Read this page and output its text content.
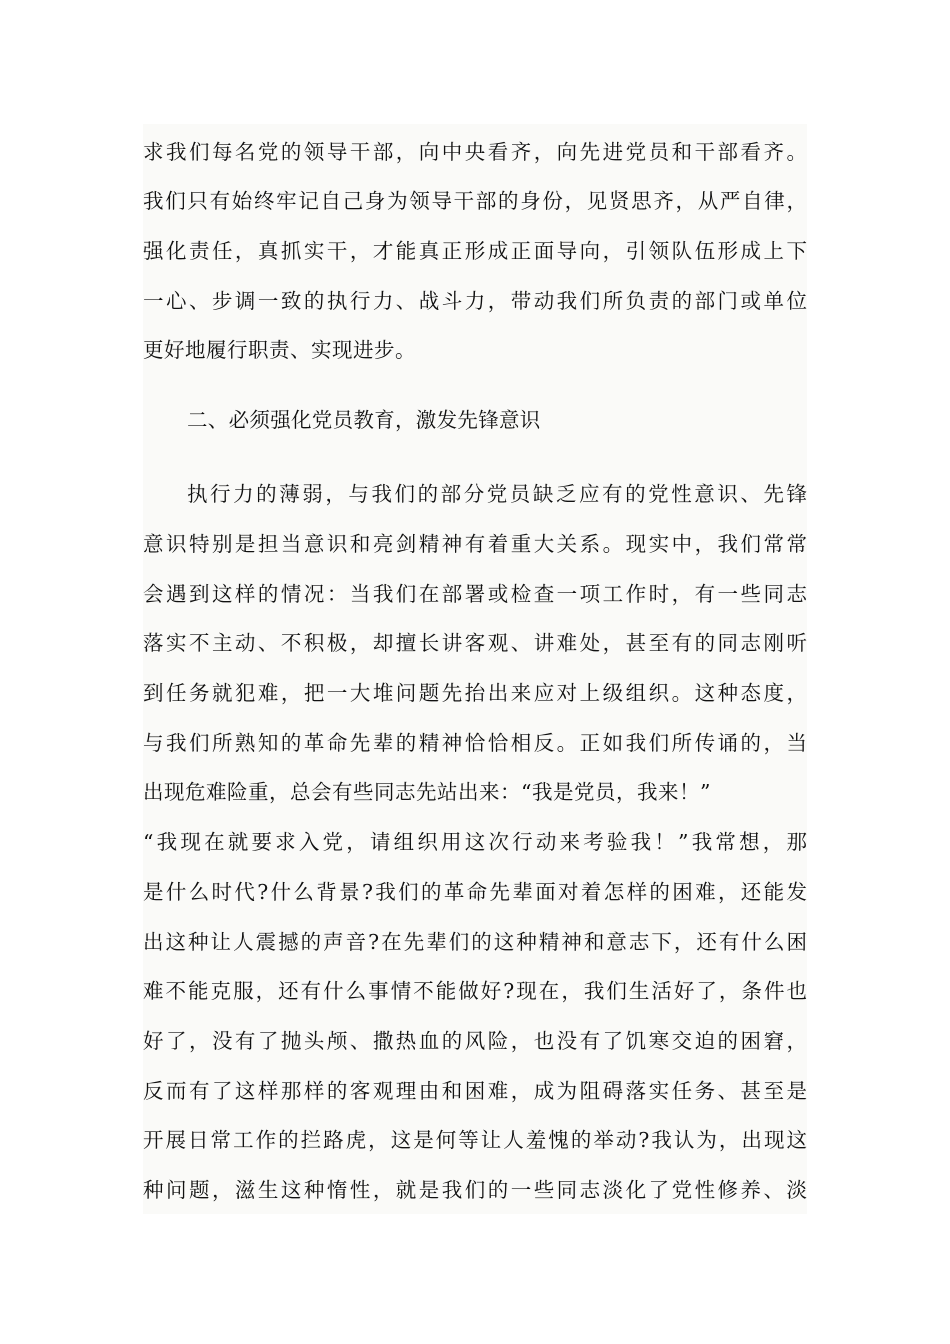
求我们每名党的领导干部，向中央看齐，向先进党员和干部看齐。
我们只有始终牢记自己身为领导干部的身份，见贤思齐，从严自律，
强化责任，真抓实干，才能真正形成正面导向，引领队伍形成上下
一心、步调一致的执行力、战斗力，带动我们所负责的部门或单位
更好地履行职责、实现进步。
二、必须强化党员教育，激发先锋意识
执行力的薄弱，与我们的部分党员缺乏应有的党性意识、先锋
意识特别是担当意识和亮剑精神有着重大关系。现实中，我们常常
会遇到这样的情况：当我们在部署或检查一项工作时，有一些同志
落实不主动、不积极，却擅长讲客观、讲难处，甚至有的同志刚听
到任务就犯难，把一大堆问题先抬出来应对上级组织。这种态度，
与我们所熟知的革命先辈的精神恰恰相反。正如我们所传诵的，当
出现危难险重，总会有些同志先站出来：“我是党员，我来！”
“我现在就要求入党，请组织用这次行动来考验我！”我常想，那
是什么时代?什么背景?我们的革命先辈面对着怎样的困难，还能发
出这种让人震撼的声音?在先辈们的这种精神和意志下，还有什么困
难不能克服，还有什么事情不能做好?现在，我们生活好了，条件也
好了，没有了抛头颅、撒热血的风险，也没有了饥寒交迫的困窘，
反而有了这样那样的客观理由和困难，成为阻碍落实任务、甚至是
开展日常工作的拦路虎，这是何等让人羞愧的举动?我认为，出现这
种问题，滋生这种惰性，就是我们的一些同志淡化了党性修养、淡
